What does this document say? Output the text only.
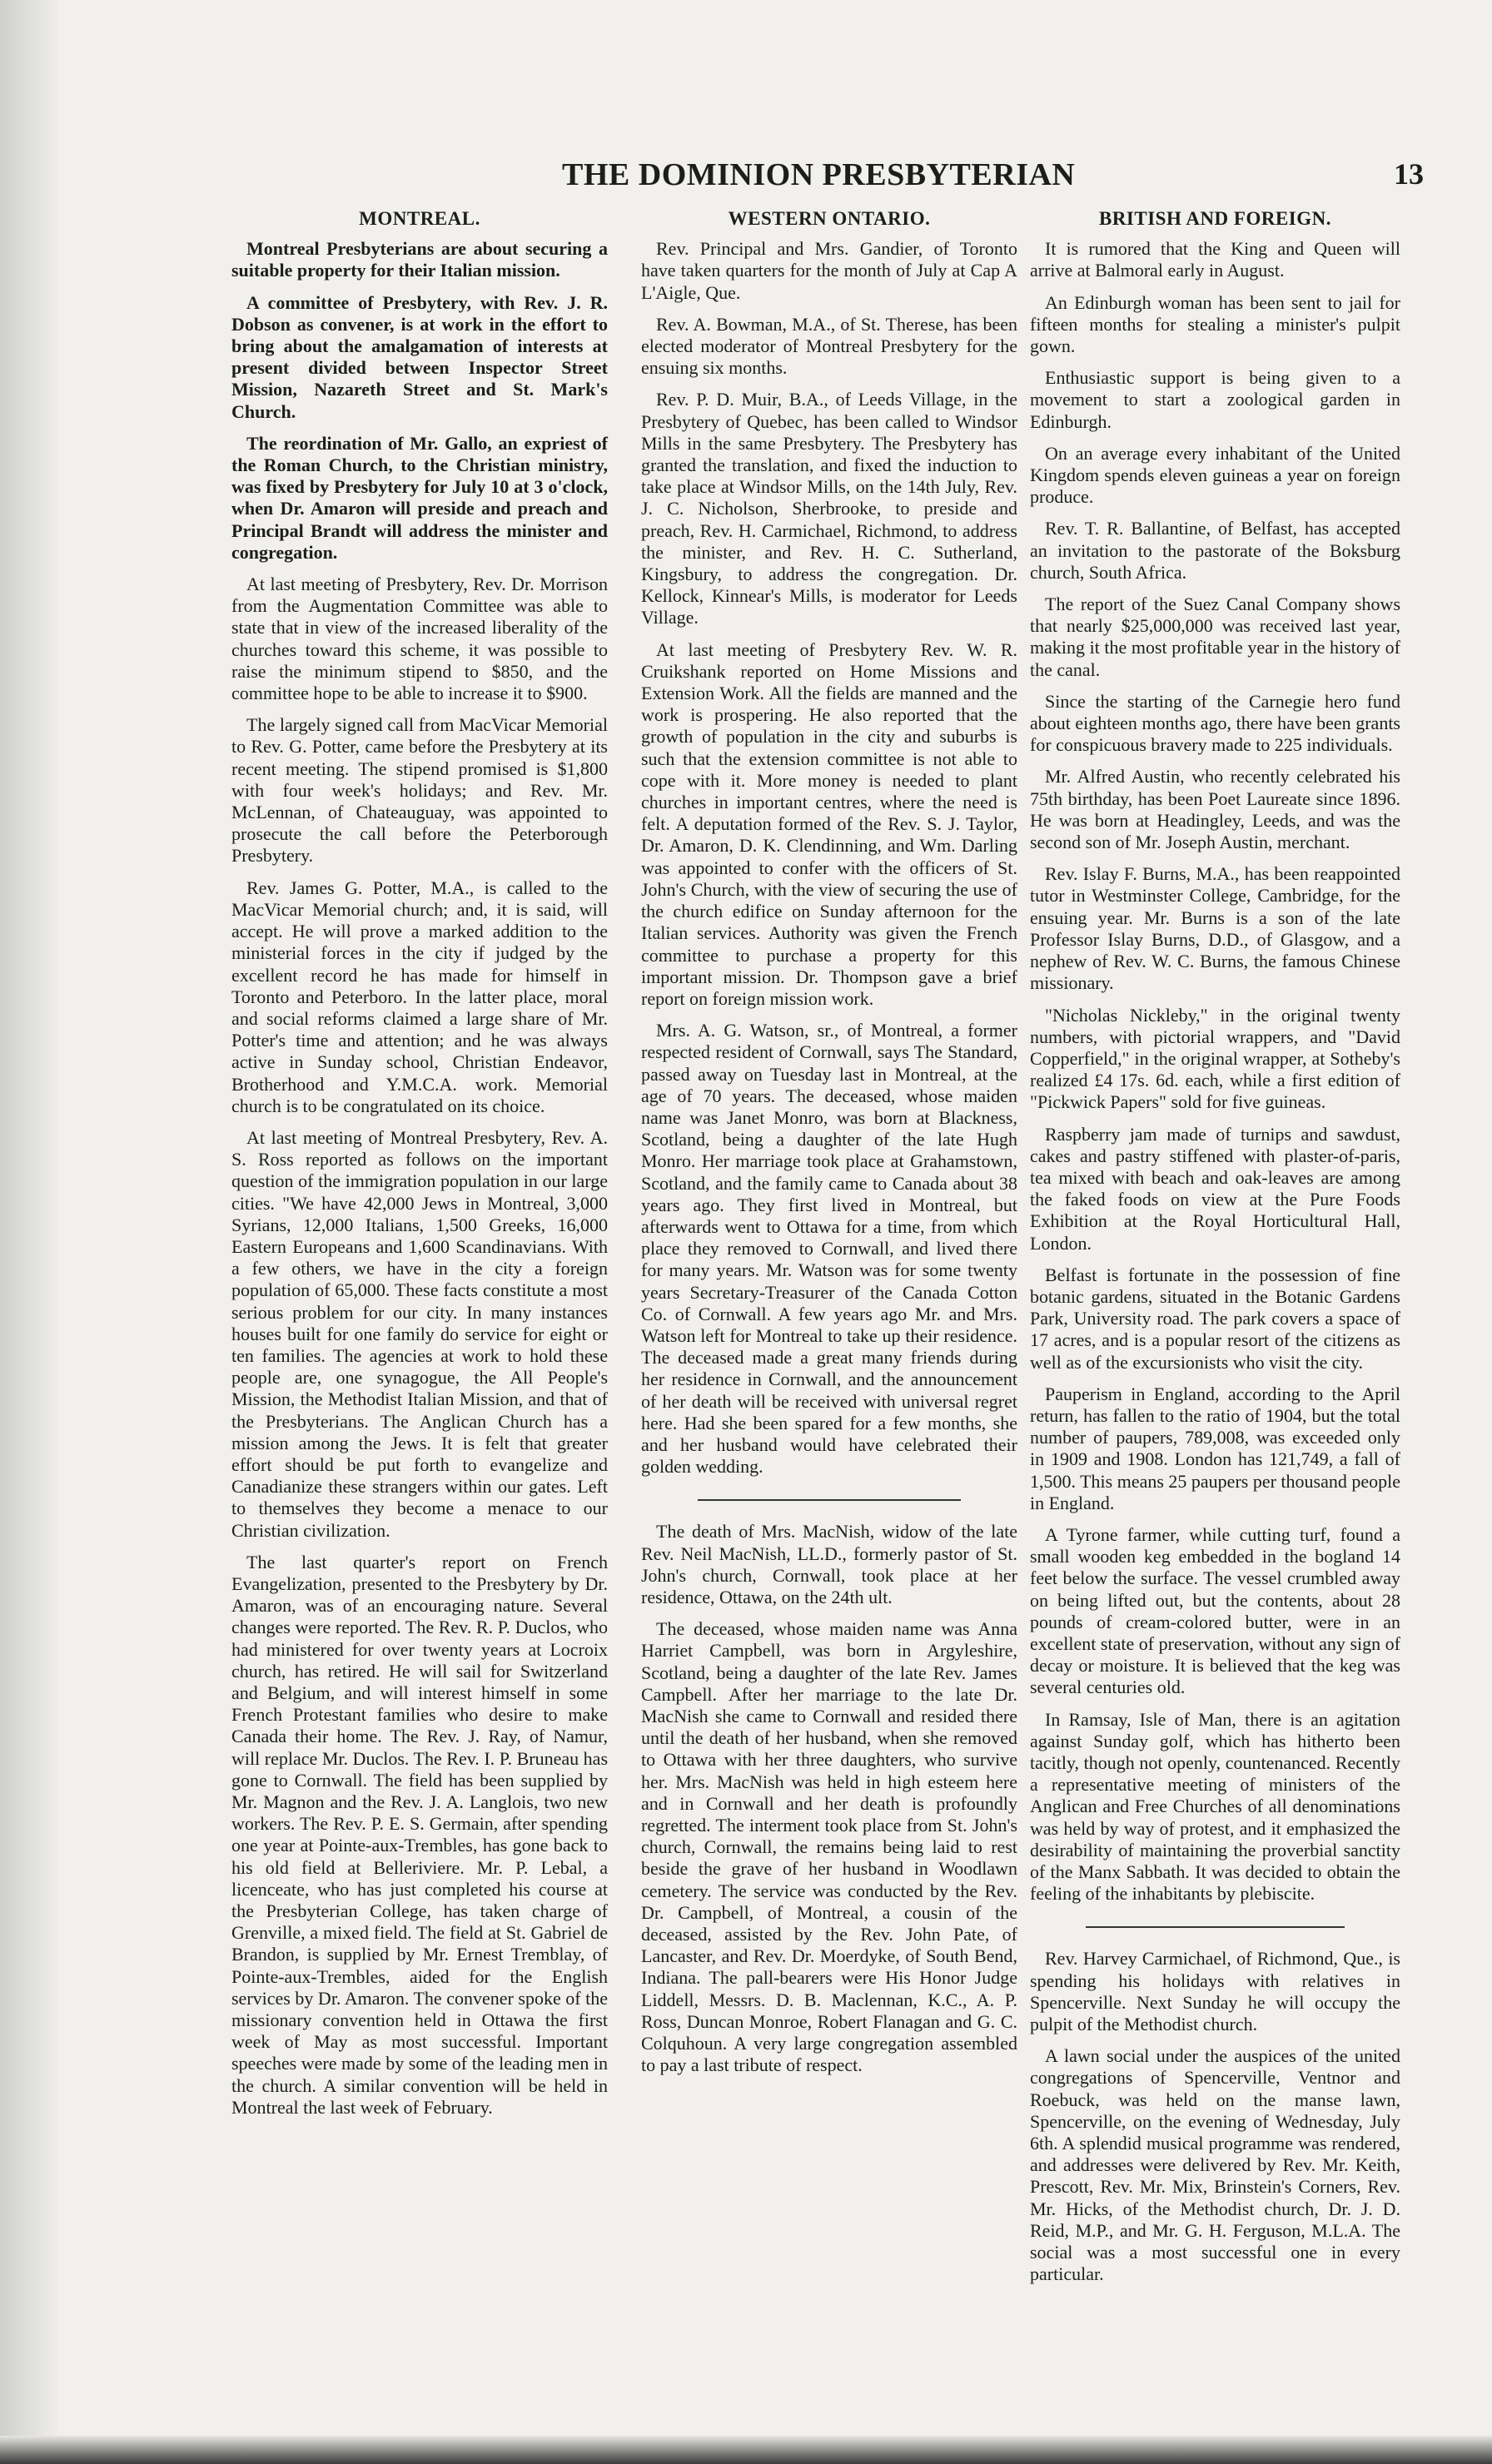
THE DOMINION PRESBYTERIAN	13
MONTREAL.

Montreal Presbyterians are about securing a suitable property for their Italian mission.

A committee of Presbytery, with Rev. J. R. Dobson as convener, is at work in the effort to bring about the amalgamation of interests at present divided between Inspector Street Mission, Nazareth Street and St. Mark's Church.

The reordination of Mr. Gallo, an expriest of the Roman Church, to the Christian ministry, was fixed by Presbytery for July 10 at 3 o'clock, when Dr. Amaron will preside and preach and Principal Brandt will address the minister and congregation.

At last meeting of Presbytery, Rev. Dr. Morrison from the Augmentation Committee was able to state that in view of the increased liberality of the churches toward this scheme, it was possible to raise the minimum stipend to $850, and the committee hope to be able to increase it to $900.

The largely signed call from MacVicar Memorial to Rev. G. Potter, came before the Presbytery at its recent meeting. The stipend promised is $1,800 with four week's holidays; and Rev. Mr. McLennan, of Chateauguay, was appointed to prosecute the call before the Peterborough Presbytery.

Rev. James G. Potter, M.A., is called to the MacVicar Memorial church; and, it is said, will accept. He will prove a marked addition to the ministerial forces in the city if judged by the excellent record he has made for himself in Toronto and Peterboro. In the latter place, moral and social reforms claimed a large share of Mr. Potter's time and attention; and he was always active in Sunday school, Christian Endeavor, Brotherhood and Y.M.C.A. work. Memorial church is to be congratulated on its choice.

At last meeting of Montreal Presbytery, Rev. A. S. Ross reported as follows on the important question of the immigration population in our large cities. "We have 42,000 Jews in Montreal, 3,000 Syrians, 12,000 Italians, 1,500 Greeks, 16,000 Eastern Europeans and 1,600 Scandinavians. With a few others, we have in the city a foreign population of 65,000. These facts constitute a most serious problem for our city. In many instances houses built for one family do service for eight or ten families. The agencies at work to hold these people are, one synagogue, the All People's Mission, the Methodist Italian Mission, and that of the Presbyterians. The Anglican Church has a mission among the Jews. It is felt that greater effort should be put forth to evangelize and Canadianize these strangers within our gates. Left to themselves they become a menace to our Christian civilization.

The last quarter's report on French Evangelization, presented to the Presbytery by Dr. Amaron, was of an encouraging nature. Several changes were reported. The Rev. R. P. Duclos, who had ministered for over twenty years at Locroix church, has retired. He will sail for Switzerland and Belgium, and will interest himself in some French Protestant families who desire to make Canada their home. The Rev. J. Ray, of Namur, will replace Mr. Duclos. The Rev. I. P. Bruneau has gone to Cornwall. The field has been supplied by Mr. Magnon and the Rev. J. A. Langlois, two new workers. The Rev. P. E. S. Germain, after spending one year at Pointe-aux-Trembles, has gone back to his old field at Belleriviere. Mr. P. Lebal, a licenceate, who has just completed his course at the Presbyterian College, has taken charge of Grenville, a mixed field. The field at St. Gabriel de Brandon, is supplied by Mr. Ernest Tremblay, of Pointe-aux-Trembles, aided for the English services by Dr. Amaron. The convener spoke of the missionary convention held in Ottawa the first week of May as most successful. Important speeches were made by some of the leading men in the church. A similar convention will be held in Montreal the last week of February.

WESTERN ONTARIO.

Rev. Principal and Mrs. Gandier, of Toronto have taken quarters for the month of July at Cap A L'Aigle, Que.

Rev. A. Bowman, M.A., of St. Therese, has been elected moderator of Montreal Presbytery for the ensuing six months.

Rev. P. D. Muir, B.A., of Leeds Village, in the Presbytery of Quebec, has been called to Windsor Mills in the same Presbytery. The Presbytery has granted the translation, and fixed the induction to take place at Windsor Mills, on the 14th July, Rev. J. C. Nicholson, Sherbrooke, to preside and preach, Rev. H. Carmichael, Richmond, to address the minister, and Rev. H. C. Sutherland, Kingsbury, to address the congregation. Dr. Kellock, Kinnear's Mills, is moderator for Leeds Village.

At last meeting of Presbytery Rev. W. R. Cruikshank reported on Home Missions and Extension Work. All the fields are manned and the work is prospering. He also reported that the growth of population in the city and suburbs is such that the extension committee is not able to cope with it. More money is needed to plant churches in important centres, where the need is felt. A deputation formed of the Rev. S. J. Taylor, Dr. Amaron, D. K. Clendinning, and Wm. Darling was appointed to confer with the officers of St. John's Church, with the view of securing the use of the church edifice on Sunday afternoon for the Italian services. Authority was given the French committee to purchase a property for this important mission. Dr. Thompson gave a brief report on foreign mission work.

Mrs. A. G. Watson, sr., of Montreal, a former respected resident of Cornwall, says The Standard, passed away on Tuesday last in Montreal, at the age of 70 years. The deceased, whose maiden name was Janet Monro, was born at Blackness, Scotland, being a daughter of the late Hugh Monro. Her marriage took place at Grahamstown, Scotland, and the family came to Canada about 38 years ago. They first lived in Montreal, but afterwards went to Ottawa for a time, from which place they removed to Cornwall, and lived there for many years. Mr. Watson was for some twenty years Secretary-Treasurer of the Canada Cotton Co. of Cornwall. A few years ago Mr. and Mrs. Watson left for Montreal to take up their residence. The deceased made a great many friends during her residence in Cornwall, and the announcement of her death will be received with universal regret here. Had she been spared for a few months, she and her husband would have celebrated their golden wedding.

The death of Mrs. MacNish, widow of the late Rev. Neil MacNish, LL.D., formerly pastor of St. John's church, Cornwall, took place at her residence, Ottawa, on the 24th ult.

The deceased, whose maiden name was Anna Harriet Campbell, was born in Argyleshire, Scotland, being a daughter of the late Rev. James Campbell. After her marriage to the late Dr. MacNish she came to Cornwall and resided there until the death of her husband, when she removed to Ottawa with her three daughters, who survive her. Mrs. MacNish was held in high esteem here and in Cornwall and her death is profoundly regretted. The interment took place from St. John's church, Cornwall, the remains being laid to rest beside the grave of her husband in Woodlawn cemetery. The service was conducted by the Rev. Dr. Campbell, of Montreal, a cousin of the deceased, assisted by the Rev. John Pate, of Lancaster, and Rev. Dr. Moerdyke, of South Bend, Indiana. The pall-bearers were His Honor Judge Liddell, Messrs. D. B. Maclennan, K.C., A. P. Ross, Duncan Monroe, Robert Flanagan and G. C. Colquhoun. A very large congregation assembled to pay a last tribute of respect.

BRITISH AND FOREIGN.

It is rumored that the King and Queen will arrive at Balmoral early in August.

An Edinburgh woman has been sent to jail for fifteen months for stealing a minister's pulpit gown.

Enthusiastic support is being given to a movement to start a zoological garden in Edinburgh.

On an average every inhabitant of the United Kingdom spends eleven guineas a year on foreign produce.

Rev. T. R. Ballantine, of Belfast, has accepted an invitation to the pastorate of the Boksburg church, South Africa.

The report of the Suez Canal Company shows that nearly $25,000,000 was received last year, making it the most profitable year in the history of the canal.

Since the starting of the Carnegie hero fund about eighteen months ago, there have been grants for conspicuous bravery made to 225 individuals.

Mr. Alfred Austin, who recently celebrated his 75th birthday, has been Poet Laureate since 1896. He was born at Headingley, Leeds, and was the second son of Mr. Joseph Austin, merchant.

Rev. Islay F. Burns, M.A., has been reappointed tutor in Westminster College, Cambridge, for the ensuing year. Mr. Burns is a son of the late Professor Islay Burns, D.D., of Glasgow, and a nephew of Rev. W. C. Burns, the famous Chinese missionary.

"Nicholas Nickleby," in the original twenty numbers, with pictorial wrappers, and "David Copperfield," in the original wrapper, at Sotheby's realized £4 17s. 6d. each, while a first edition of "Pickwick Papers" sold for five guineas.

Raspberry jam made of turnips and sawdust, cakes and pastry stiffened with plaster-of-paris, tea mixed with beach and oak-leaves are among the faked foods on view at the Pure Foods Exhibition at the Royal Horticultural Hall, London.

Belfast is fortunate in the possession of fine botanic gardens, situated in the Botanic Gardens Park, University road. The park covers a space of 17 acres, and is a popular resort of the citizens as well as of the excursionists who visit the city.

Pauperism in England, according to the April return, has fallen to the ratio of 1904, but the total number of paupers, 789,008, was exceeded only in 1909 and 1908. London has 121,749, a fall of 1,500. This means 25 paupers per thousand people in England.

A Tyrone farmer, while cutting turf, found a small wooden keg embedded in the bogland 14 feet below the surface. The vessel crumbled away on being lifted out, but the contents, about 28 pounds of cream-colored butter, were in an excellent state of preservation, without any sign of decay or moisture. It is believed that the keg was several centuries old.

In Ramsay, Isle of Man, there is an agitation against Sunday golf, which has hitherto been tacitly, though not openly, countenanced. Recently a representative meeting of ministers of the Anglican and Free Churches of all denominations was held by way of protest, and it emphasized the desirability of maintaining the proverbial sanctity of the Manx Sabbath. It was decided to obtain the feeling of the inhabitants by plebiscite.

Rev. Harvey Carmichael, of Richmond, Que., is spending his holidays with relatives in Spencerville. Next Sunday he will occupy the pulpit of the Methodist church.

A lawn social under the auspices of the united congregations of Spencerville, Ventnor and Roebuck, was held on the manse lawn, Spencerville, on the evening of Wednesday, July 6th. A splendid musical programme was rendered, and addresses were delivered by Rev. Mr. Keith, Prescott, Rev. Mr. Mix, Brinstein's Corners, Rev. Mr. Hicks, of the Methodist church, Dr. J. D. Reid, M.P., and Mr. G. H. Ferguson, M.L.A. The social was a most successful one in every particular.
